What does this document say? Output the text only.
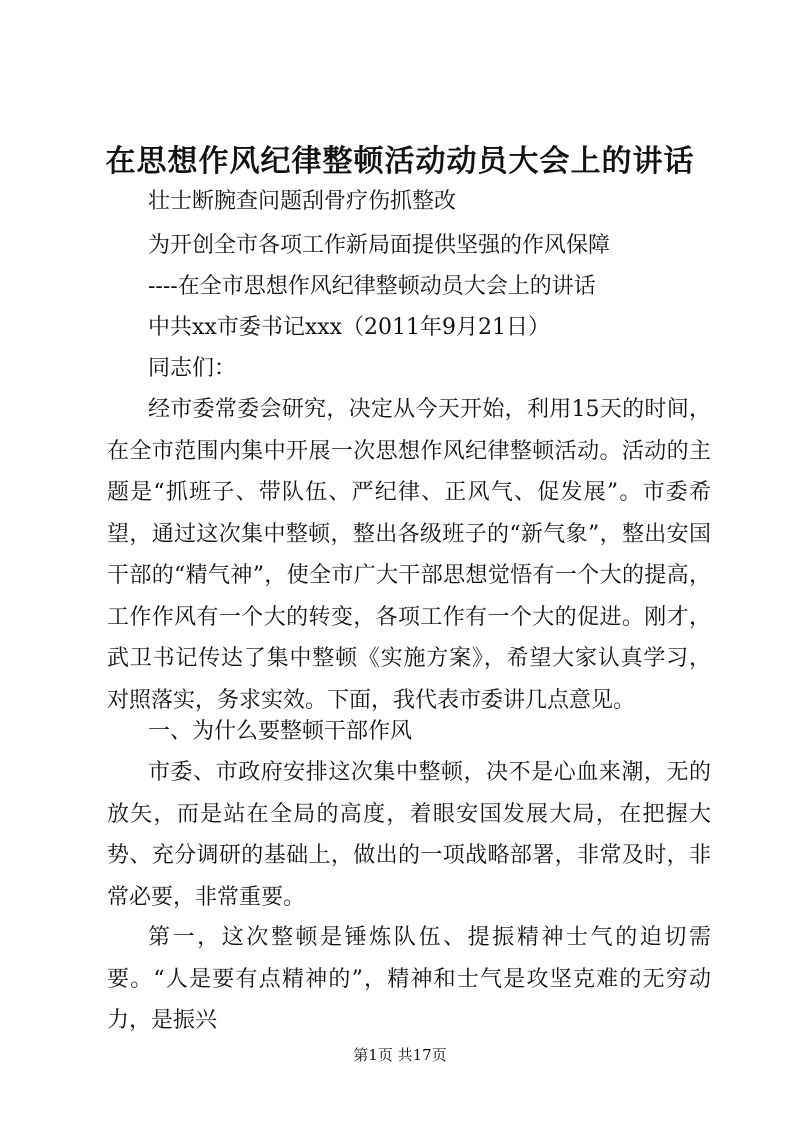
在思想作风纪律整顿活动动员大会上的讲话
壮士断腕查问题刮骨疗伤抓整改
为开创全市各项工作新局面提供坚强的作风保障
----在全市思想作风纪律整顿动员大会上的讲话
中共xx市委书记xxx（2011年9月21日）
同志们：

经市委常委会研究，决定从今天开始，利用15天的时间，在全市范围内集中开展一次思想作风纪律整顿活动。活动的主题是“抓班子、带队伍、严纪律、正风气、促发展”。市委希望，通过这次集中整顿，整出各级班子的“新气象”，整出安国干部的“精气神”，使全市广大干部思想觉悟有一个大的提高，工作作风有一个大的转变，各项工作有一个大的促进。刚才，武卫书记传达了集中整顿《实施方案》，希望大家认真学习，对照落实，务求实效。下面，我代表市委讲几点意见。

一、为什么要整顿干部作风

市委、市政府安排这次集中整顿，决不是心血来潮，无的放矢，而是站在全局的高度，着眼安国发展大局，在把握大势、充分调研的基础上，做出的一项战略部署，非常及时，非常必要，非常重要。

第一，这次整顿是锤炼队伍、提振精神士气的迫切需要。“人是要有点精神的”，精神和士气是攻坚克难的无穷动力，是振兴

第1页 共17页
